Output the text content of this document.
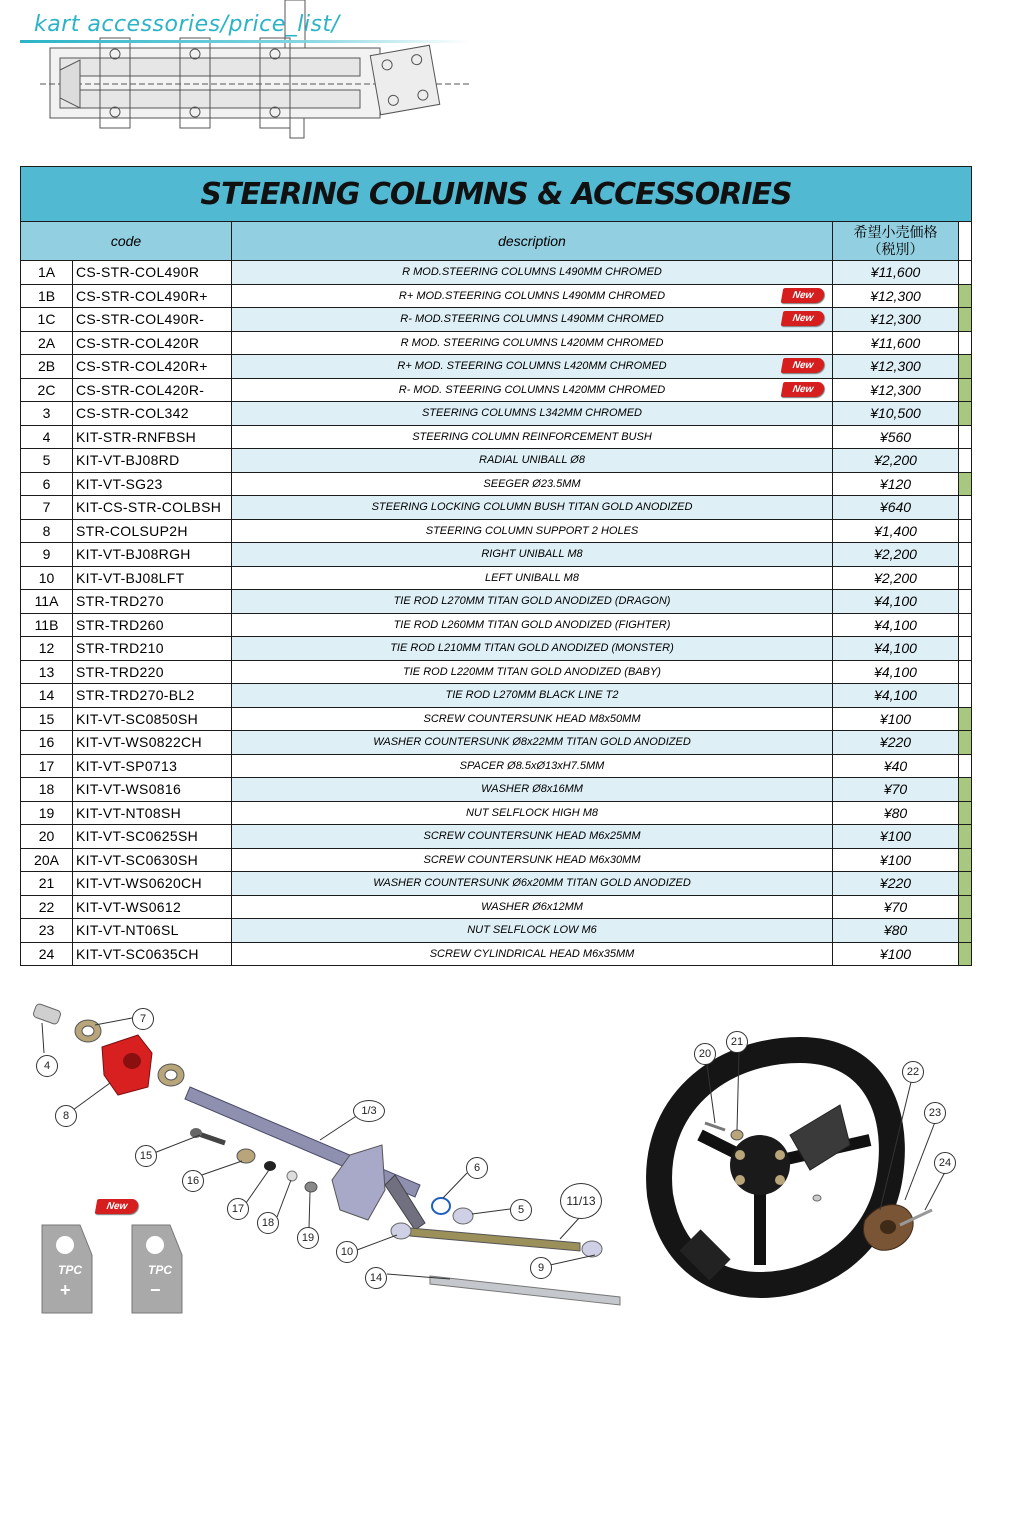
kart accessories/price_list/
STEERING COLUMNS & ACCESSORIES				
code		description	希望小売価格
（税別）	
1A	CS-STR-COL490R	R MOD.STEERING COLUMNS L490MM CHROMED	¥11,600	
1B	CS-STR-COL490R+	R+ MOD.STEERING COLUMNS L490MM CHROMED New	¥12,300	
1C	CS-STR-COL490R-	R- MOD.STEERING COLUMNS L490MM CHROMED New	¥12,300	
2A	CS-STR-COL420R	R MOD. STEERING COLUMNS L420MM CHROMED	¥11,600	
2B	CS-STR-COL420R+	R+ MOD. STEERING COLUMNS L420MM CHROMED New	¥12,300	
2C	CS-STR-COL420R-	R- MOD. STEERING COLUMNS L420MM CHROMED New	¥12,300	
3	CS-STR-COL342	STEERING COLUMNS L342MM CHROMED	¥10,500	
4	KIT-STR-RNFBSH	STEERING COLUMN REINFORCEMENT BUSH	¥560	
5	KIT-VT-BJ08RD	RADIAL UNIBALL Ø8	¥2,200	
6	KIT-VT-SG23	SEEGER Ø23.5MM	¥120	
7	KIT-CS-STR-COLBSH	STEERING LOCKING COLUMN BUSH TITAN GOLD ANODIZED	¥640	
8	STR-COLSUP2H	STEERING COLUMN SUPPORT 2 HOLES	¥1,400	
9	KIT-VT-BJ08RGH	RIGHT UNIBALL M8	¥2,200	
10	KIT-VT-BJ08LFT	LEFT UNIBALL M8	¥2,200	
11A	STR-TRD270	TIE ROD L270MM TITAN GOLD ANODIZED (DRAGON)	¥4,100	
11B	STR-TRD260	TIE ROD L260MM TITAN GOLD ANODIZED (FIGHTER)	¥4,100	
12	STR-TRD210	TIE ROD L210MM TITAN GOLD ANODIZED (MONSTER)	¥4,100	
13	STR-TRD220	TIE ROD L220MM TITAN GOLD ANODIZED (BABY)	¥4,100	
14	STR-TRD270-BL2	TIE ROD L270MM BLACK LINE T2	¥4,100	
15	KIT-VT-SC0850SH	SCREW COUNTERSUNK HEAD M8x50MM	¥100	
16	KIT-VT-WS0822CH	WASHER COUNTERSUNK Ø8x22MM TITAN GOLD ANODIZED	¥220	
17	KIT-VT-SP0713	SPACER Ø8.5xØ13xH7.5MM	¥40	
18	KIT-VT-WS0816	WASHER Ø8x16MM	¥70	
19	KIT-VT-NT08SH	NUT SELFLOCK HIGH M8	¥80	
20	KIT-VT-SC0625SH	SCREW COUNTERSUNK HEAD M6x25MM	¥100	
20A	KIT-VT-SC0630SH	SCREW COUNTERSUNK HEAD M6x30MM	¥100	
21	KIT-VT-WS0620CH	WASHER COUNTERSUNK Ø6x20MM TITAN GOLD ANODIZED	¥220	
22	KIT-VT-WS0612	WASHER Ø6x12MM	¥70	
23	KIT-VT-NT06SL	NUT SELFLOCK LOW M6	¥80	
24	KIT-VT-SC0635CH	SCREW CYLINDRICAL HEAD M6x35MM	¥100	
New
TPC
+
TPC
−
7
4
8	1/3
15
16
6
5
17
18
19
11/13
10
9
14
20
21
22
23
24
